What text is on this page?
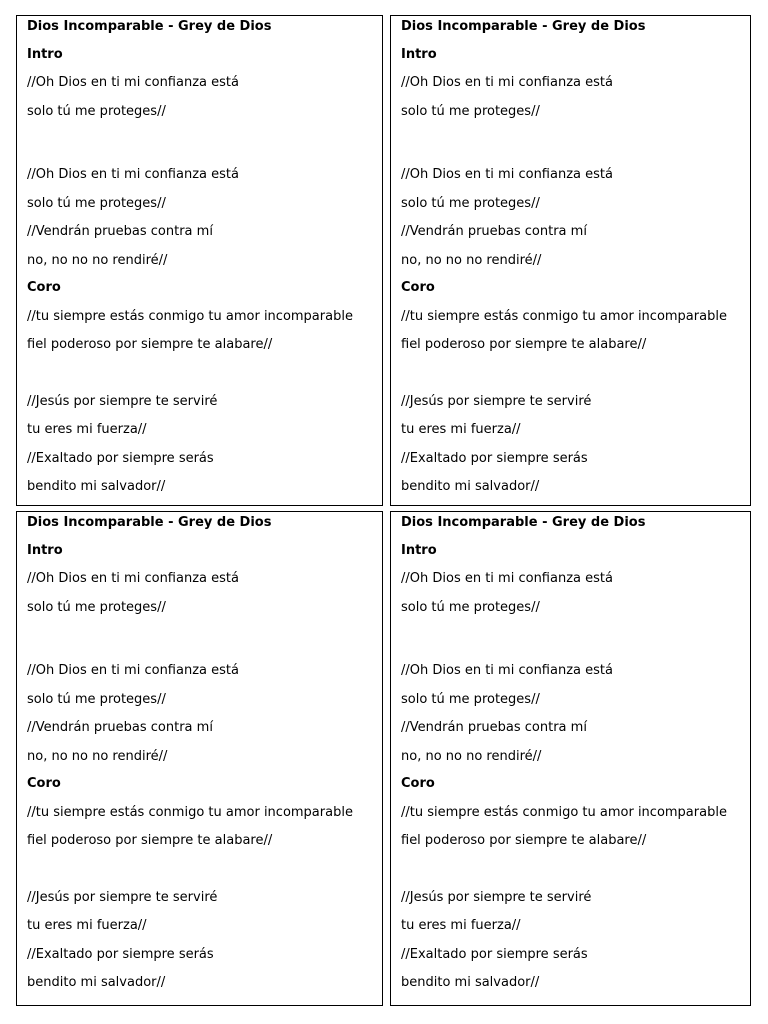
Dios Incomparable - Grey de Dios
Intro
//Oh Dios en ti mi confianza está
solo tú me proteges//
//Oh Dios en ti mi confianza está
solo tú me proteges//
//Vendrán pruebas contra mí
no, no no no rendiré//
Coro
//tu siempre estás conmigo tu amor incomparable
fiel poderoso por siempre te alabare//
//Jesús por siempre te serviré
tu eres mi fuerza//
//Exaltado por siempre serás
bendito mi salvador//
Dios Incomparable - Grey de Dios
Intro
//Oh Dios en ti mi confianza está
solo tú me proteges//
//Oh Dios en ti mi confianza está
solo tú me proteges//
//Vendrán pruebas contra mí
no, no no no rendiré//
Coro
//tu siempre estás conmigo tu amor incomparable
fiel poderoso por siempre te alabare//
//Jesús por siempre te serviré
tu eres mi fuerza//
//Exaltado por siempre serás
bendito mi salvador//
Dios Incomparable - Grey de Dios
Intro
//Oh Dios en ti mi confianza está
solo tú me proteges//
//Oh Dios en ti mi confianza está
solo tú me proteges//
//Vendrán pruebas contra mí
no, no no no rendiré//
Coro
//tu siempre estás conmigo tu amor incomparable
fiel poderoso por siempre te alabare//
//Jesús por siempre te serviré
tu eres mi fuerza//
//Exaltado por siempre serás
bendito mi salvador//
Dios Incomparable - Grey de Dios
Intro
//Oh Dios en ti mi confianza está
solo tú me proteges//
//Oh Dios en ti mi confianza está
solo tú me proteges//
//Vendrán pruebas contra mí
no, no no no rendiré//
Coro
//tu siempre estás conmigo tu amor incomparable
fiel poderoso por siempre te alabare//
//Jesús por siempre te serviré
tu eres mi fuerza//
//Exaltado por siempre serás
bendito mi salvador//
